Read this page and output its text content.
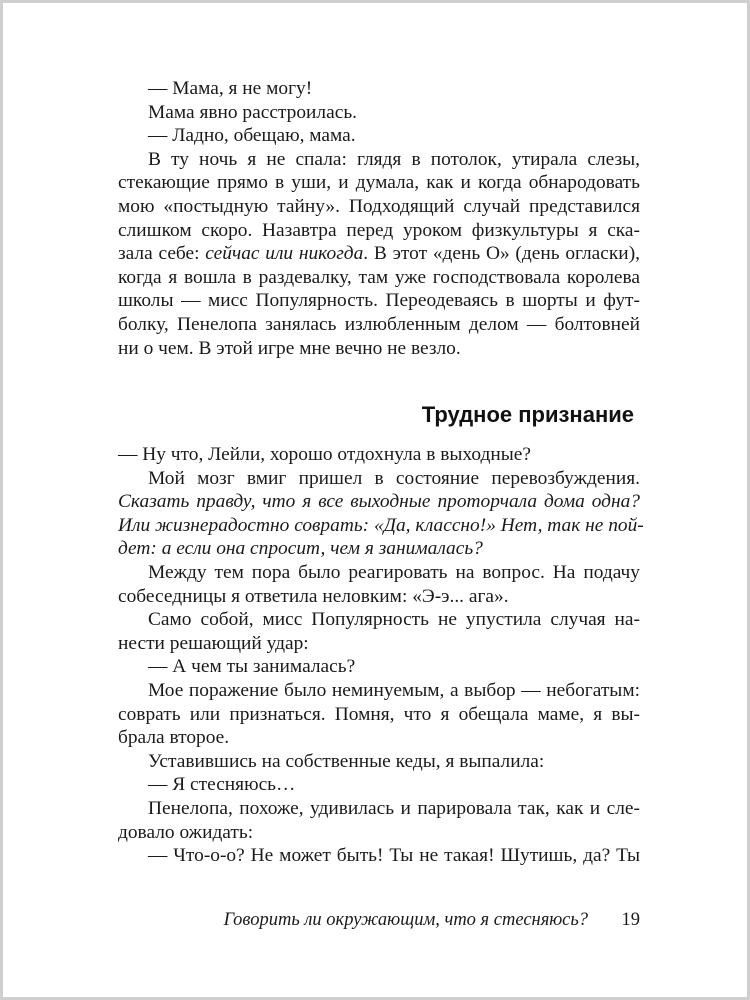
— Мама, я не могу!
Мама явно расстроилась.
— Ладно, обещаю, мама.
В ту ночь я не спала: глядя в потолок, утирала слезы,
стекающие прямо в уши, и думала, как и когда обнародовать
мою «постыдную тайну». Подходящий случай представился
слишком скоро. Назавтра перед уроком физкультуры я ска-
зала себе: сейчас или никогда. В этот «день О» (день огласки),
когда я вошла в раздевалку, там уже господствовала королева
школы — мисс Популярность. Переодеваясь в шорты и фут-
болку, Пенелопа занялась излюбленным делом — болтовней
ни о чем. В этой игре мне вечно не везло.
Трудное признание
— Ну что, Лейли, хорошо отдохнула в выходные?
Мой мозг вмиг пришел в состояние перевозбуждения.
Сказать правду, что я все выходные проторчала дома одна?
Или жизнерадостно соврать: «Да, классно!» Нет, так не пой-
дет: а если она спросит, чем я занималась?
Между тем пора было реагировать на вопрос. На подачу
собеседницы я ответила неловким: «Э-э... ага».
Само собой, мисс Популярность не упустила случая на-
нести решающий удар:
— А чем ты занималась?
Мое поражение было неминуемым, а выбор — небогатым:
соврать или признаться. Помня, что я обещала маме, я вы-
брала второе.
Уставившись на собственные кеды, я выпалила:
— Я стесняюсь…
Пенелопа, похоже, удивилась и парировала так, как и сле-
довало ожидать:
— Что-о-о? Не может быть! Ты не такая! Шутишь, да? Ты
Говорить ли окружающим, что я стесняюсь? 19
